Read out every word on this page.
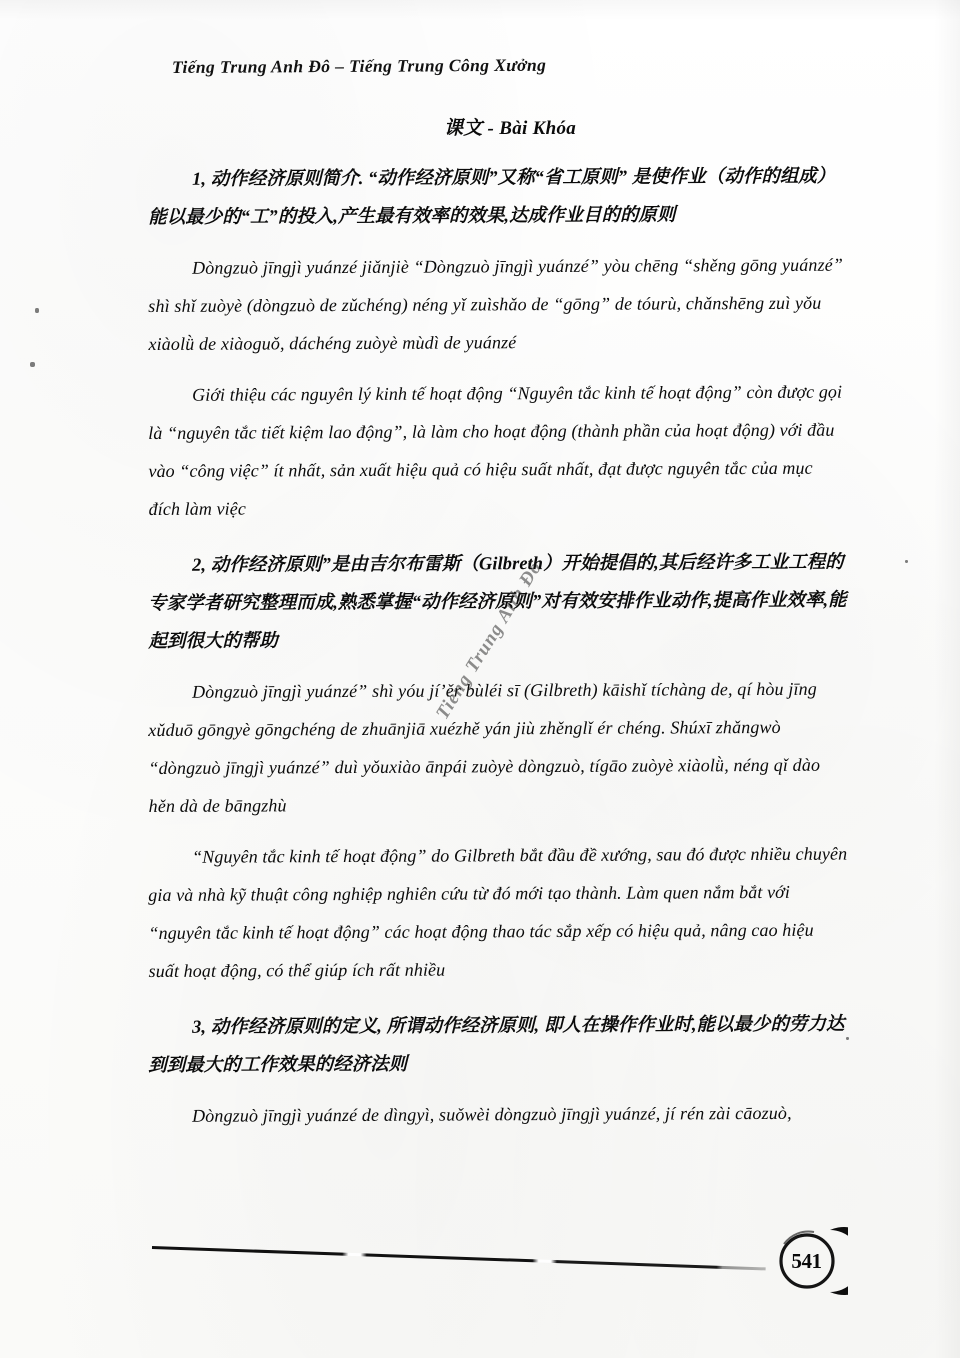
Tiếng Trung Anh Đô – Tiếng Trung Công Xưởng
课文 - Bài Khóa

1, 动作经济原则简介. “动作经济原则”又称“省工原则” 是使作业（动作的组成）能以最少的“工”的投入,产生最有效率的效果,达成作业目的的原则

Dòngzuò jīngjì yuánzé jiǎnjiè “Dòngzuò jīngjì yuánzé” yòu chēng “shěng gōng yuánzé” shì shǐ zuòyè (dòngzuò de zǔchéng) néng yǐ zuìshǎo de “gōng” de tóurù, chǎnshēng zuì yǒu xiàolǜ de xiàoguǒ, dáchéng zuòyè mùdì de yuánzé

Giới thiệu các nguyên lý kinh tế hoạt động “Nguyên tắc kinh tế hoạt động” còn được gọi là “nguyên tắc tiết kiệm lao động”, là làm cho hoạt động (thành phần của hoạt động) với đầu vào “công việc” ít nhất, sản xuất hiệu quả có hiệu suất nhất, đạt được nguyên tắc của mục đích làm việc

2, 动作经济原则”是由吉尔布雷斯（Gilbreth）开始提倡的,其后经许多工业工程的专家学者研究整理而成,熟悉掌握“动作经济原则”对有效安排作业动作,提高作业效率,能起到很大的帮助

Dòngzuò jīngjì yuánzé” shì yóu jí’ěr bùléi sī (Gilbreth) kāishǐ tíchàng de, qí hòu jīng xǔduō gōngyè gōngchéng de zhuānjiā xuézhě yán jiù zhěnglǐ ér chéng. Shúxī zhǎngwò “dòngzuò jīngjì yuánzé” duì yǒuxiào ānpái zuòyè dòngzuò, tígāo zuòyè xiàolǜ, néng qǐ dào hěn dà de bāngzhù

“Nguyên tắc kinh tế hoạt động” do Gilbreth bắt đầu đề xướng, sau đó được nhiều chuyên gia và nhà kỹ thuật công nghiệp nghiên cứu từ đó mới tạo thành. Làm quen nắm bắt với “nguyên tắc kinh tế hoạt động” các hoạt động thao tác sắp xếp có hiệu quả, nâng cao hiệu suất hoạt động, có thể giúp ích rất nhiều

3, 动作经济原则的定义, 所谓动作经济原则, 即人在操作作业时,能以最少的劳力达到到最大的工作效果的经济法则

Dòngzuò jīngjì yuánzé de dìngyì, suǒwèi dòngzuò jīngjì yuánzé, jí rén zài cāozuò,

Tiếng Trung Anh Đô
541
